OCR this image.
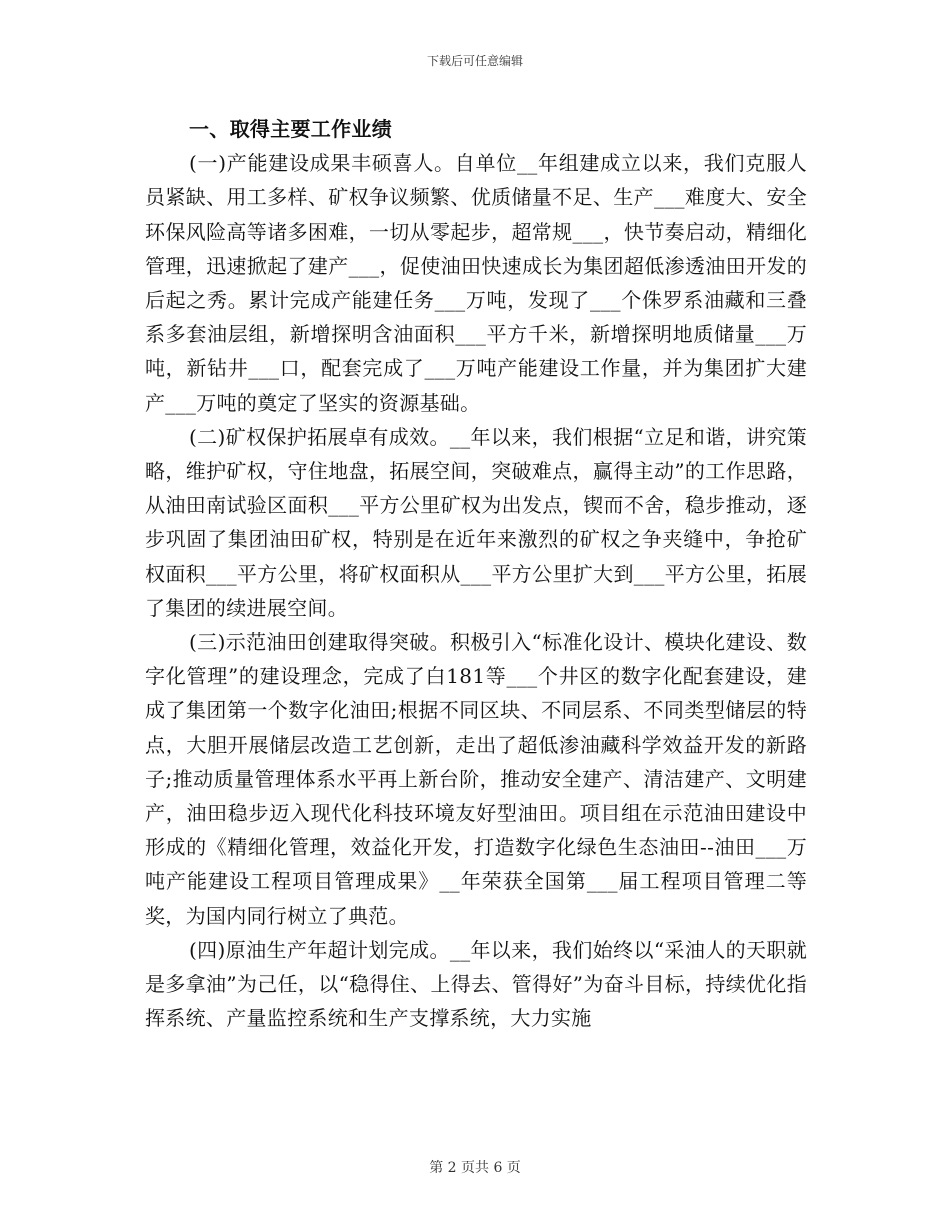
下载后可任意编辑

一、取得主要工作业绩

(一)产能建设成果丰硕喜人。自单位__年组建成立以来，我们克服人员紧缺、用工多样、矿权争议频繁、优质储量不足、生产___难度大、安全环保风险高等诸多困难，一切从零起步，超常规___，快节奏启动，精细化管理，迅速掀起了建产___，促使油田快速成长为集团超低渗透油田开发的后起之秀。累计完成产能建任务___万吨，发现了___个侏罗系油藏和三叠系多套油层组，新增探明含油面积___平方千米，新增探明地质储量___万吨，新钻井___口，配套完成了___万吨产能建设工作量，并为集团扩大建产___万吨的奠定了坚实的资源基础。

(二)矿权保护拓展卓有成效。__年以来，我们根据“立足和谐，讲究策略，维护矿权，守住地盘，拓展空间，突破难点，赢得主动”的工作思路，从油田南试验区面积___平方公里矿权为出发点，锲而不舍，稳步推动，逐步巩固了集团油田矿权，特别是在近年来激烈的矿权之争夹缝中，争抢矿权面积___平方公里，将矿权面积从___平方公里扩大到___平方公里，拓展了集团的续进展空间。

(三)示范油田创建取得突破。积极引入“标准化设计、模块化建设、数字化管理”的建设理念，完成了白181等___个井区的数字化配套建设，建成了集团第一个数字化油田;根据不同区块、不同层系、不同类型储层的特点，大胆开展储层改造工艺创新，走出了超低渗油藏科学效益开发的新路子;推动质量管理体系水平再上新台阶，推动安全建产、清洁建产、文明建产，油田稳步迈入现代化科技环境友好型油田。项目组在示范油田建设中形成的《精细化管理，效益化开发，打造数字化绿色生态油田--油田___万吨产能建设工程项目管理成果》__年荣获全国第___届工程项目管理二等奖，为国内同行树立了典范。

(四)原油生产年超计划完成。__年以来，我们始终以“采油人的天职就是多拿油”为己任，以“稳得住、上得去、管得好”为奋斗目标，持续优化指挥系统、产量监控系统和生产支撑系统，大力实施

第 2 页共 6 页
